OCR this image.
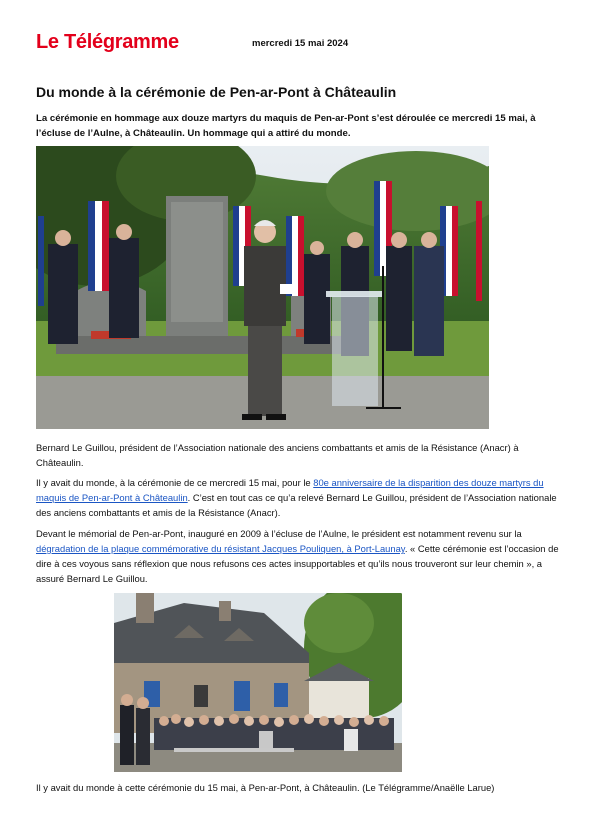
Le Télégramme	mercredi 15 mai 2024
Du monde à la cérémonie de Pen-ar-Pont à Châteaulin

La cérémonie en hommage aux douze martyrs du maquis de Pen-ar-Pont s’est déroulée ce mercredi 15 mai, à l’écluse de l’Aulne, à Châteaulin. Un hommage qui a attiré du monde.

Bernard Le Guillou, président de l’Association nationale des anciens combattants et amis de la Résistance (Anacr) à Châteaulin.

Il y avait du monde, à la cérémonie de ce mercredi 15 mai, pour le 80e anniversaire de la disparition des douze martyrs du maquis de Pen-ar-Pont à Châteaulin. C’est en tout cas ce qu’a relevé Bernard Le Guillou, président de l’Association nationale des anciens combattants et amis de la Résistance (Anacr).

Devant le mémorial de Pen-ar-Pont, inauguré en 2009 à l’écluse de l’Aulne, le président est notamment revenu sur la dégradation de la plaque commémorative du résistant Jacques Pouliquen, à Port-Launay. « Cette cérémonie est l’occasion de dire à ces voyous sans réflexion que nous refusons ces actes insupportables et qu’ils nous trouveront sur leur chemin », a assuré Bernard Le Guillou.

Il y avait du monde à cette cérémonie du 15 mai, à Pen-ar-Pont, à Châteaulin. (Le Télégramme/Anaëlle Larue)
